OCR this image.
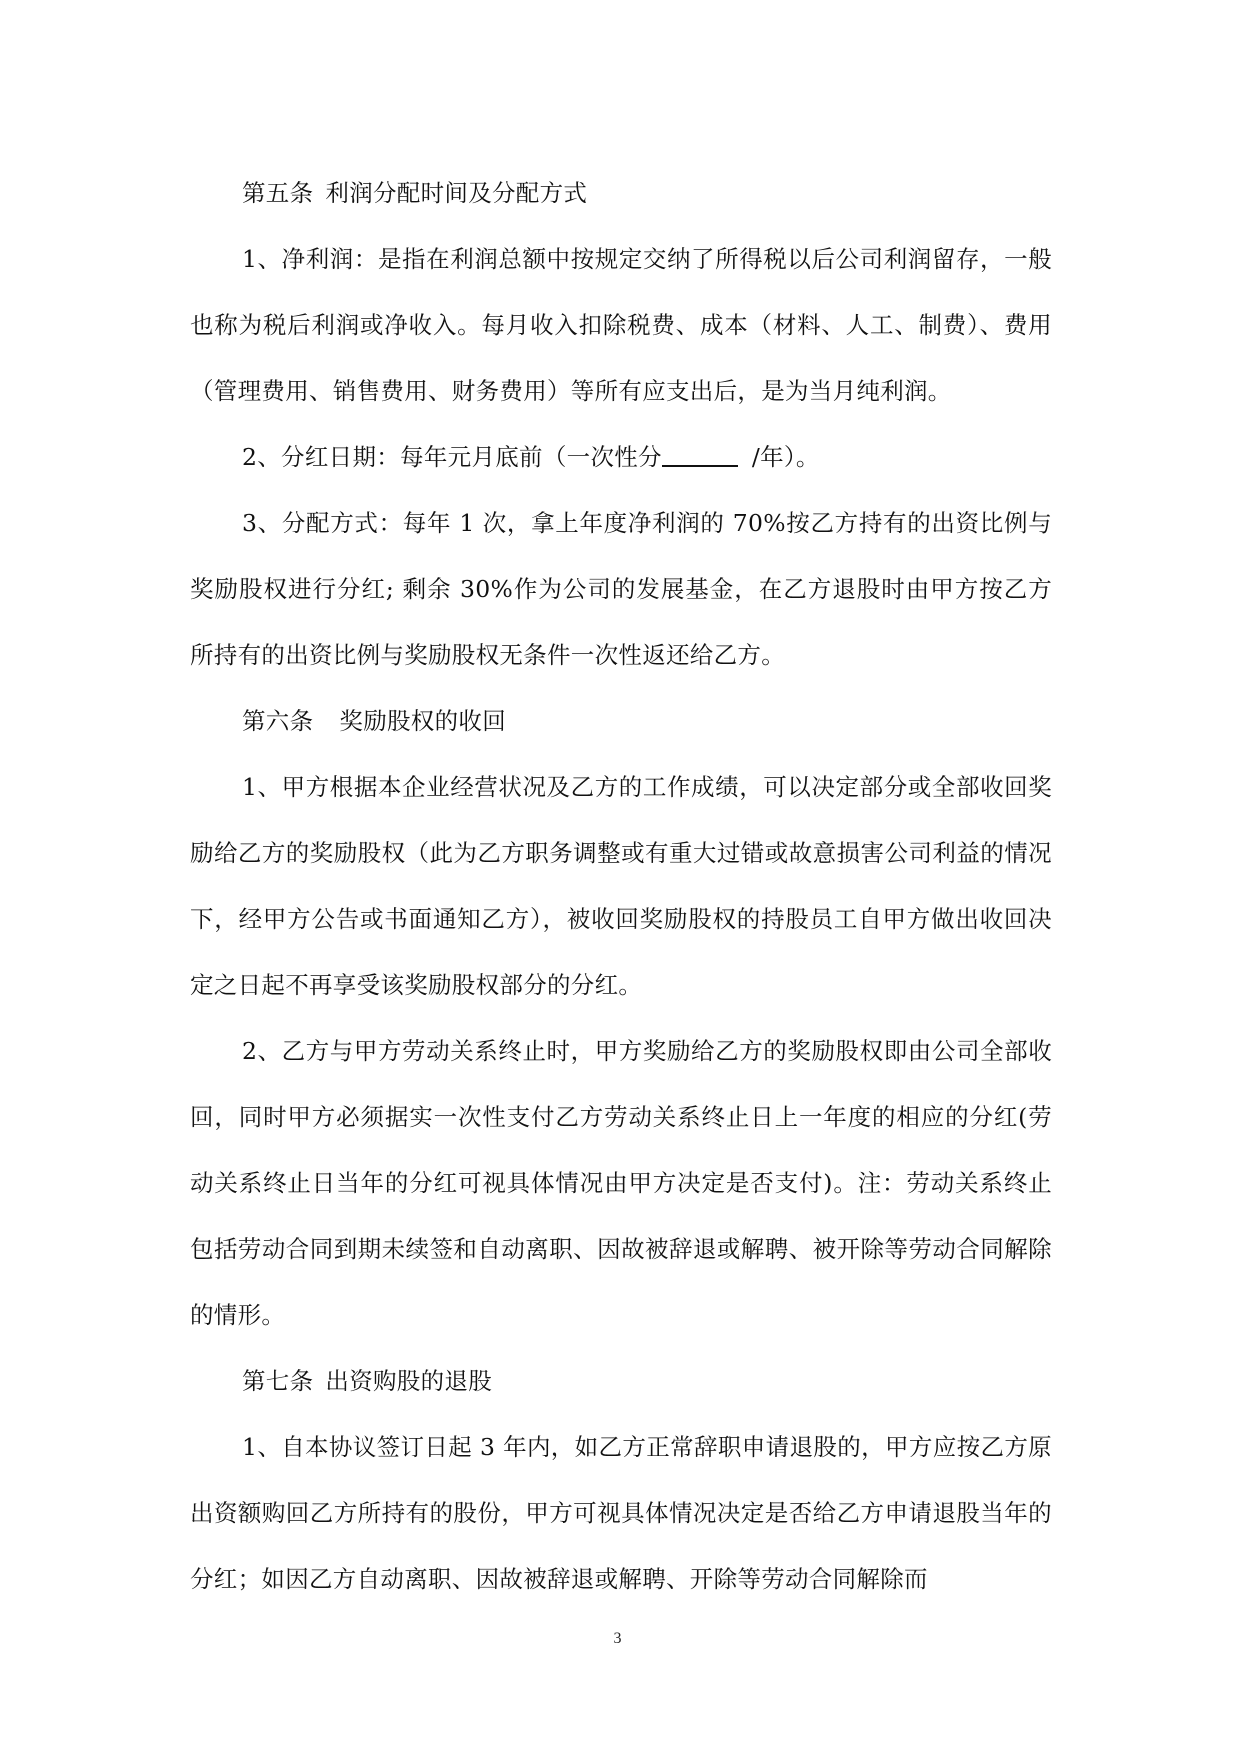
第五条 利润分配时间及分配方式

1、净利润：是指在利润总额中按规定交纳了所得税以后公司利润留存，一般也称为税后利润或净收入。每月收入扣除税费、成本（材料、人工、制费）、费用（管理费用、销售费用、财务费用）等所有应支出后，是为当月纯利润。

2、分红日期：每年元月底前（一次性分	/年）。

3、分配方式：每年 1 次，拿上年度净利润的 70%按乙方持有的出资比例与奖励股权进行分红; 剩余 30%作为公司的发展基金，在乙方退股时由甲方按乙方所持有的出资比例与奖励股权无条件一次性返还给乙方。

第六条 奖励股权的收回

1、甲方根据本企业经营状况及乙方的工作成绩，可以决定部分或全部收回奖励给乙方的奖励股权（此为乙方职务调整或有重大过错或故意损害公司利益的情况下，经甲方公告或书面通知乙方），被收回奖励股权的持股员工自甲方做出收回决定之日起不再享受该奖励股权部分的分红。

2、乙方与甲方劳动关系终止时，甲方奖励给乙方的奖励股权即由公司全部收回，同时甲方必须据实一次性支付乙方劳动关系终止日上一年度的相应的分红(劳动关系终止日当年的分红可视具体情况由甲方决定是否支付)。注：劳动关系终止包括劳动合同到期未续签和自动离职、因故被辞退或解聘、被开除等劳动合同解除的情形。

第七条 出资购股的退股

1、自本协议签订日起 3 年内，如乙方正常辞职申请退股的，甲方应按乙方原出资额购回乙方所持有的股份，甲方可视具体情况决定是否给乙方申请退股当年的分红；如因乙方自动离职、因故被辞退或解聘、开除等劳动合同解除而

3
